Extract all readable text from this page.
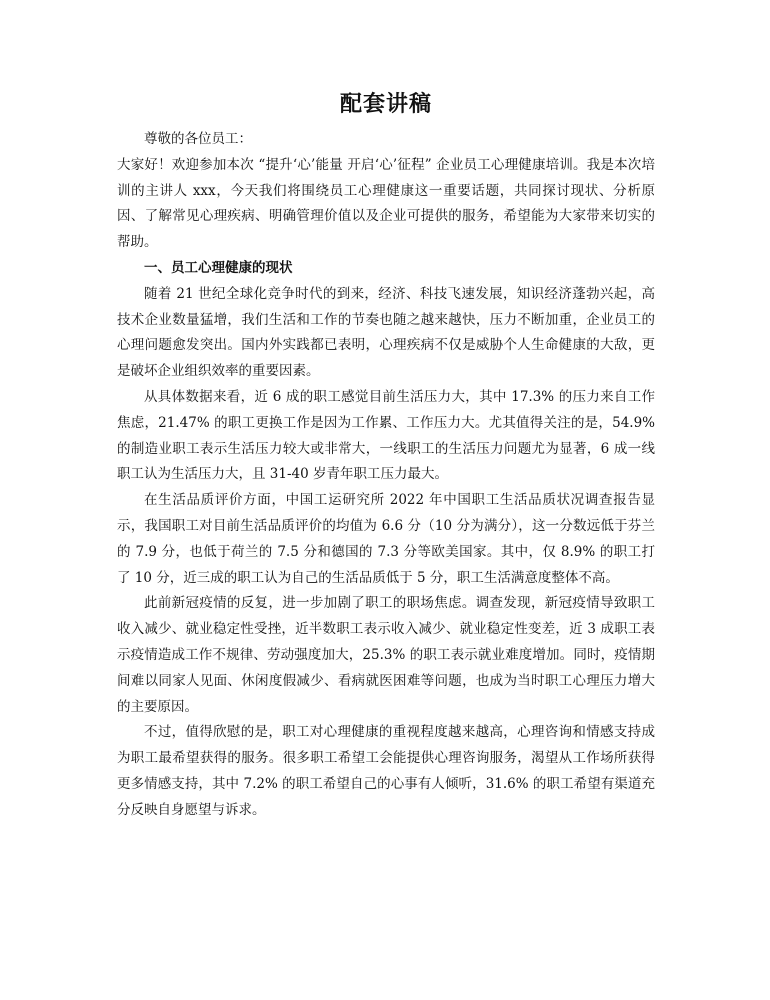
配套讲稿

尊敬的各位员工：

大家好！欢迎参加本次 “提升‘心’能量 开启‘心’征程” 企业员工心理健康培训。我是本次培训的主讲人 xxx，今天我们将围绕员工心理健康这一重要话题，共同探讨现状、分析原因、了解常见心理疾病、明确管理价值以及企业可提供的服务，希望能为大家带来切实的帮助。

一、员工心理健康的现状

随着 21 世纪全球化竞争时代的到来，经济、科技飞速发展，知识经济蓬勃兴起，高技术企业数量猛增，我们生活和工作的节奏也随之越来越快，压力不断加重，企业员工的心理问题愈发突出。国内外实践都已表明，心理疾病不仅是威胁个人生命健康的大敌，更是破坏企业组织效率的重要因素。

从具体数据来看，近 6 成的职工感觉目前生活压力大，其中 17.3% 的压力来自工作焦虑，21.47% 的职工更换工作是因为工作累、工作压力大。尤其值得关注的是，54.9% 的制造业职工表示生活压力较大或非常大，一线职工的生活压力问题尤为显著，6 成一线职工认为生活压力大，且 31-40 岁青年职工压力最大。

在生活品质评价方面，中国工运研究所 2022 年中国职工生活品质状况调查报告显示，我国职工对目前生活品质评价的均值为 6.6 分（10 分为满分），这一分数远低于芬兰的 7.9 分，也低于荷兰的 7.5 分和德国的 7.3 分等欧美国家。其中，仅 8.9% 的职工打了 10 分，近三成的职工认为自己的生活品质低于 5 分，职工生活满意度整体不高。

此前新冠疫情的反复，进一步加剧了职工的职场焦虑。调查发现，新冠疫情导致职工收入减少、就业稳定性受挫，近半数职工表示收入减少、就业稳定性变差，近 3 成职工表示疫情造成工作不规律、劳动强度加大，25.3% 的职工表示就业难度增加。同时，疫情期间难以同家人见面、休闲度假减少、看病就医困难等问题，也成为当时职工心理压力增大的主要原因。

不过，值得欣慰的是，职工对心理健康的重视程度越来越高，心理咨询和情感支持成为职工最希望获得的服务。很多职工希望工会能提供心理咨询服务，渴望从工作场所获得更多情感支持，其中 7.2% 的职工希望自己的心事有人倾听，31.6% 的职工希望有渠道充分反映自身愿望与诉求。
